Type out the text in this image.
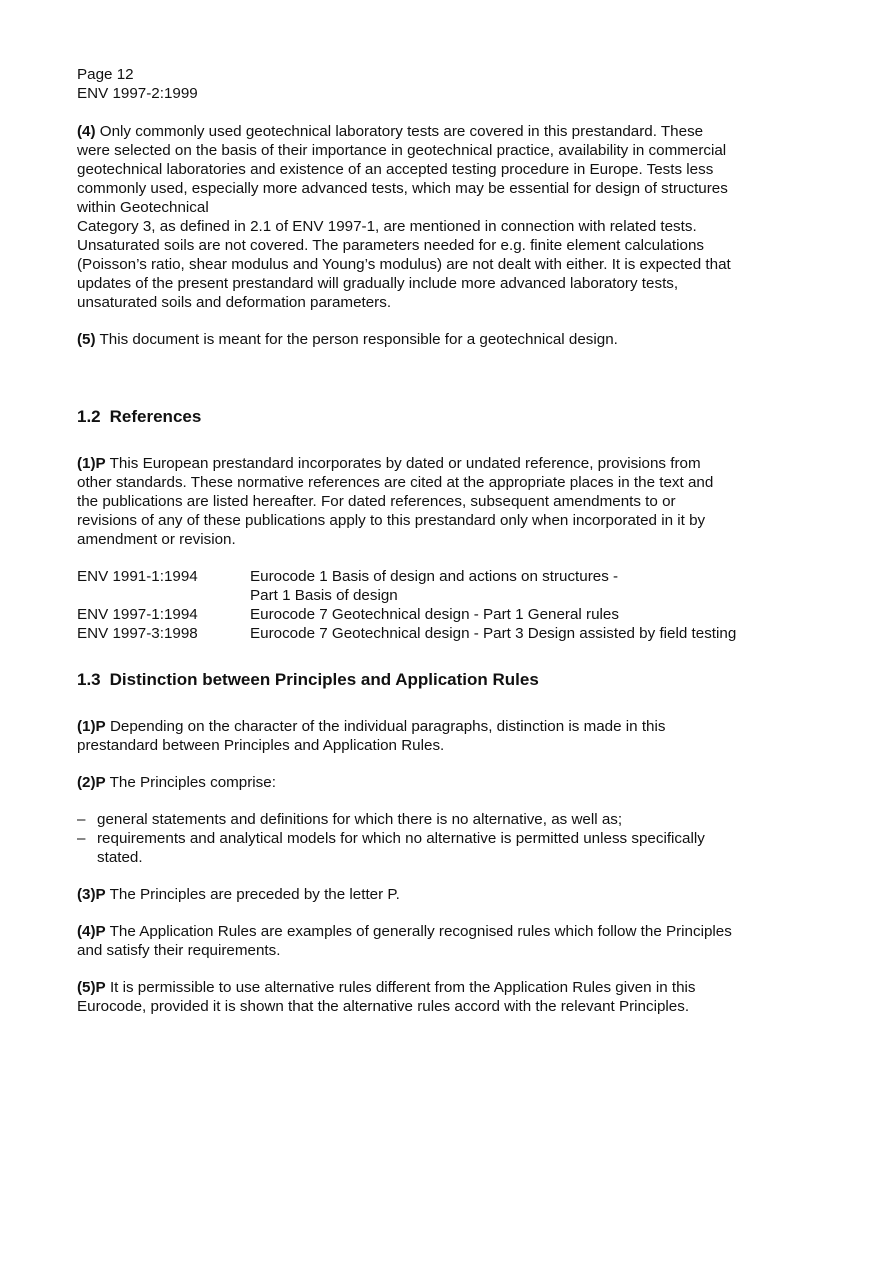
Page 12
ENV 1997-2:1999

(4) Only commonly used geotechnical laboratory tests are covered in this prestandard. These were selected on the basis of their importance in geotechnical practice, availability in commercial geotechnical laboratories and existence of an accepted testing procedure in Europe. Tests less commonly used, especially more advanced tests, which may be essential for design of structures within Geotechnical

Category 3, as defined in 2.1 of ENV 1997-1, are mentioned in connection with related tests. Unsaturated soils are not covered. The parameters needed for e.g. finite element calculations (Poisson’s ratio, shear modulus and Young’s modulus) are not dealt with either. It is expected that updates of the present prestandard will gradually include more advanced laboratory tests, unsaturated soils and deformation parameters.

(5) This document is meant for the person responsible for a geotechnical design.

1.2 References

(1)P This European prestandard incorporates by dated or undated reference, provisions from other standards. These normative references are cited at the appropriate places in the text and the publications are listed hereafter. For dated references, subsequent amendments to or revisions of any of these publications apply to this prestandard only when incorporated in it by amendment or revision.

ENV 1991-1:1994	Eurocode 1 Basis of design and actions on structures -
Part 1 Basis of design

ENV 1997-1:1994	Eurocode 7 Geotechnical design - Part 1 General rules
ENV 1997-3:1998	Eurocode 7 Geotechnical design - Part 3 Design assisted by field testing
1.3 Distinction between Principles and Application Rules

(1)P Depending on the character of the individual paragraphs, distinction is made in this prestandard between Principles and Application Rules.

(2)P The Principles comprise:

– general statements and definitions for which there is no alternative, as well as;
– requirements and analytical models for which no alternative is permitted unless specifically stated.

(3)P The Principles are preceded by the letter P.

(4)P The Application Rules are examples of generally recognised rules which follow the Principles and satisfy their requirements.

(5)P It is permissible to use alternative rules different from the Application Rules given in this Eurocode, provided it is shown that the alternative rules accord with the relevant Principles.
